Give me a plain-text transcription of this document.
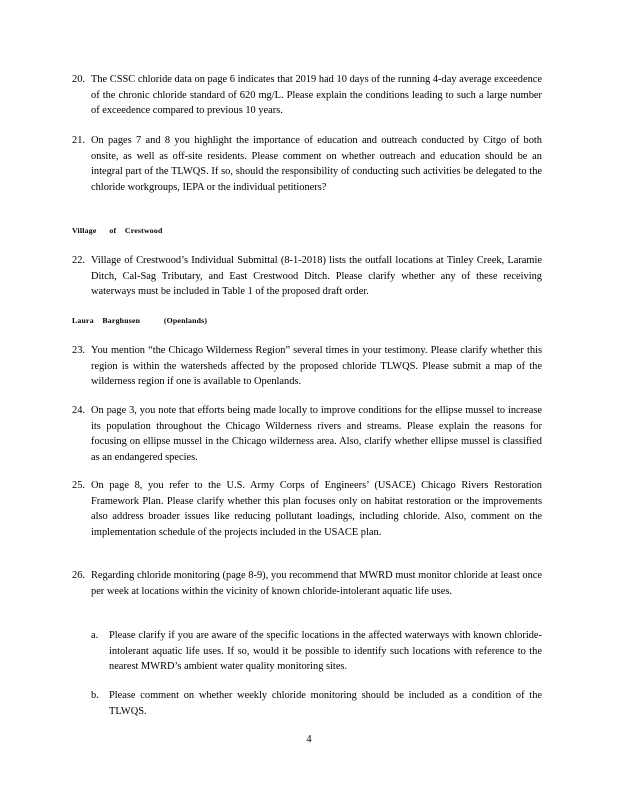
20. The CSSC chloride data on page 6 indicates that 2019 had 10 days of the running 4-day average exceedence of the chronic chloride standard of 620 mg/L. Please explain the conditions leading to such a large number of exceedence compared to previous 10 years.
21. On pages 7 and 8 you highlight the importance of education and outreach conducted by Citgo of both onsite, as well as off-site residents. Please comment on whether outreach and education should be an integral part of the TLWQS. If so, should the responsibility of conducting such activities be delegated to the chloride workgroups, IEPA or the individual petitioners?
Village of Crestwood
22. Village of Crestwood’s Individual Submittal (8-1-2018) lists the outfall locations at Tinley Creek, Laramie Ditch, Cal-Sag Tributary, and East Crestwood Ditch. Please clarify whether any of these receiving waterways must be included in Table 1 of the proposed draft order.
Laura Barghusen	(Openlands)
23. You mention “the Chicago Wilderness Region” several times in your testimony. Please clarify whether this region is within the watersheds affected by the proposed chloride TLWQS. Please submit a map of the wilderness region if one is available to Openlands.
24. On page 3, you note that efforts being made locally to improve conditions for the ellipse mussel to increase its population throughout the Chicago Wilderness rivers and streams. Please explain the reasons for focusing on ellipse mussel in the Chicago wilderness area. Also, clarify whether ellipse mussel is classified as an endangered species.
25. On page 8, you refer to the U.S. Army Corps of Engineers’ (USACE) Chicago Rivers Restoration Framework Plan. Please clarify whether this plan focuses only on habitat restoration or the improvements also address broader issues like reducing pollutant loadings, including chloride. Also, comment on the implementation schedule of the projects included in the USACE plan.
26. Regarding chloride monitoring (page 8-9), you recommend that MWRD must monitor chloride at least once per week at locations within the vicinity of known chloride-intolerant aquatic life uses.
a.	Please clarify if you are aware of the specific locations in the affected waterways with known chloride-intolerant aquatic life uses. If so, would it be possible to identify such locations with reference to the nearest MWRD’s ambient water quality monitoring sites.
b. Please comment on whether weekly chloride monitoring should be included as a condition of the TLWQS.
4
